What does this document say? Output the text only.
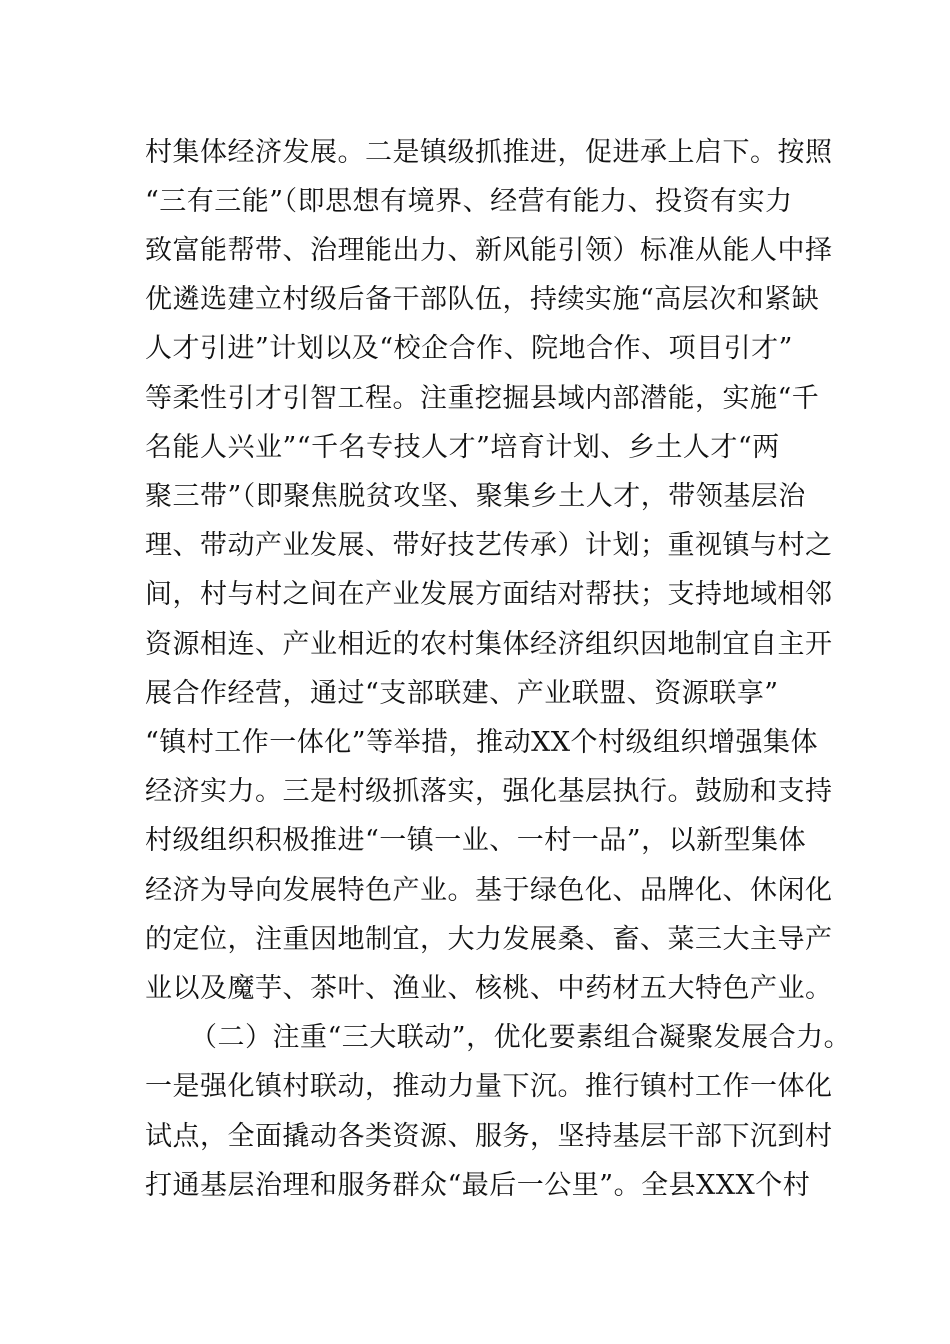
村集体经济发展。二是镇级抓推进，促进承上启下。按照
“三有三能”（即思想有境界、经营有能力、投资有实力
致富能帮带、治理能出力、新风能引领）标准从能人中择
优遴选建立村级后备干部队伍，持续实施“高层次和紧缺
人才引进”计划以及“校企合作、院地合作、项目引才”
等柔性引才引智工程。注重挖掘县域内部潜能，实施“千
名能人兴业”“千名专技人才”培育计划、乡土人才“两
聚三带”（即聚焦脱贫攻坚、聚集乡土人才，带领基层治
理、带动产业发展、带好技艺传承）计划；重视镇与村之
间，村与村之间在产业发展方面结对帮扶；支持地域相邻
资源相连、产业相近的农村集体经济组织因地制宜自主开
展合作经营，通过“支部联建、产业联盟、资源联享”
“镇村工作一体化”等举措，推动XX个村级组织增强集体
经济实力。三是村级抓落实，强化基层执行。鼓励和支持
村级组织积极推进“一镇一业、一村一品”，以新型集体
经济为导向发展特色产业。基于绿色化、品牌化、休闲化
的定位，注重因地制宜，大力发展桑、畜、菜三大主导产
业以及魔芋、茶叶、渔业、核桃、中药材五大特色产业。
（二）注重“三大联动”，优化要素组合凝聚发展合力。
一是强化镇村联动，推动力量下沉。推行镇村工作一体化
试点，全面撬动各类资源、服务，坚持基层干部下沉到村
打通基层治理和服务群众“最后一公里”。全县XXX个村
